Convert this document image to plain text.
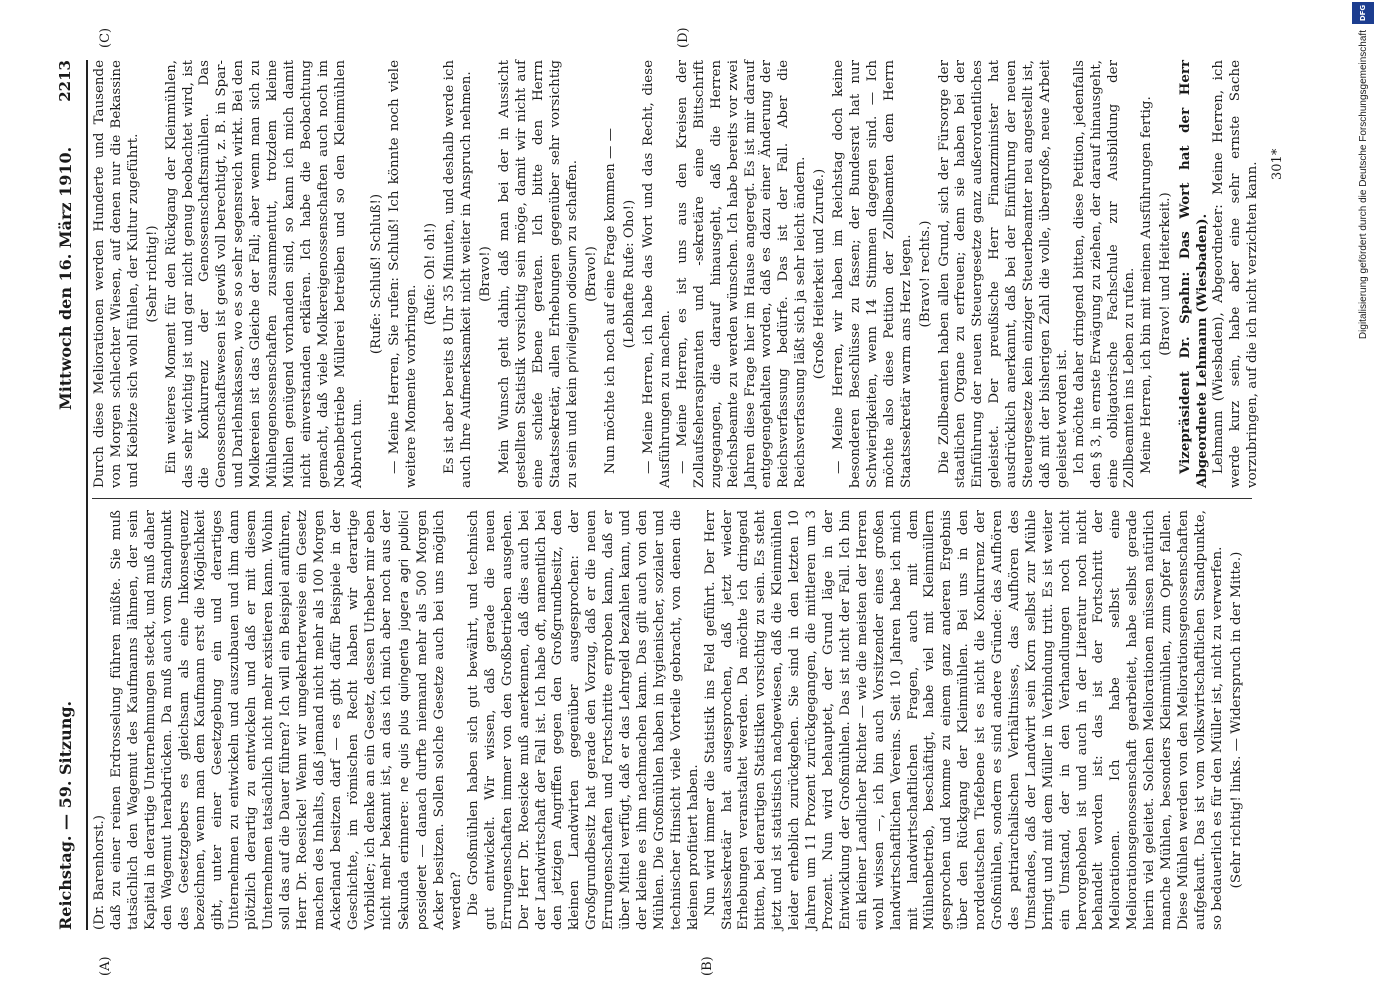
Reichstag. — 59. Sitzung.
Mittwoch den 16. März 1910.
2213
(A)	(B)
(C)	(D)

(Dr. Barenhorst.) daß zu einer reinen Erdrosselung führen müßte. Sie muß tatsächlich den Wagemut des Kaufmanns lähmen, der sein Kapital in derartige Unternehmungen steckt, und muß daher den Wagemut herabdrücken. Da muß auch vom Standpunkt des Gesetzgebers es gleichsam als eine Inkonsequenz bezeichnen, wenn man dem Kaufmann erst die Möglichkeit gibt, unter einer Gesetzgebung ein und derartiges Unternehmen zu entwickeln und auszubauen und ihm dann plötzlich derartig zu entwickeln und daß er mit diesem Unternehmen tatsächlich nicht mehr existieren kann. Wohin soll das auf die Dauer führen? Ich will ein Beispiel anführen, Herr Dr. Roesicke! Wenn wir umgekehrterweise ein Gesetz machen des Inhalts, daß jemand nicht mehr als 100 Morgen Ackerland besitzen darf — es gibt dafür Beispiele in der Geschichte, im römischen Recht haben wir derartige Vorbilder; ich denke an ein Gesetz, dessen Urheber mir eben nicht mehr bekannt ist, an das ich mich aber noch aus der Sekunda erinnere: ne quis plus quingenta jugera agri publici possideret — danach durfte niemand mehr als 500 Morgen Acker besitzen. Sollen solche Gesetze auch bei uns möglich werden? Die Großmühlen haben sich gut bewährt, und technisch gut entwickelt. Wir wissen, daß gerade die neuen Errungenschaften immer von den Großbetrieben ausgehen. Der Herr Dr. Roesicke muß anerkennen, daß dies auch bei der Landwirtschaft der Fall ist. Ich habe oft, namentlich bei den jetzigen Angriffen gegen den Großgrundbesitz, den kleinen Landwirten gegenüber ausgesprochen: der Großgrundbesitz hat gerade den Vorzug, daß er die neuen Errungenschaften und Fortschritte erproben kann, daß er über Mittel verfügt, daß er das Lehrgeld bezahlen kann, und der kleine es ihm nachmachen kann. Das gilt auch von den Mühlen. Die Großmühlen haben in hygienischer, sozialer und technischer Hinsicht viele Vorteile gebracht, von denen die kleinen profitiert haben. Nun wird immer die Statistik ins Feld geführt. Der Herr Staatssekretär hat ausgesprochen, daß jetzt wieder Erhebungen veranstaltet werden. Da möchte ich dringend bitten, bei derartigen Statistiken vorsichtig zu sein. Es steht jetzt und ist statistisch nachgewiesen, daß die Kleinmühlen leider erheblich zurückgehen. Sie sind in den letzten 10 Jahren um 11 Prozent zurückgegangen, die mittleren um 3 Prozent. Nun wird behauptet, der Grund läge in der Entwicklung der Großmühlen. Das ist nicht der Fall. Ich bin ein kleiner Landlicher Richter — wie die meisten der Herren wohl wissen —, ich bin auch Vorsitzender eines großen landwirtschaftlichen Vereins. Seit 10 Jahren habe ich mich mit landwirtschaftlichen Fragen, auch mit dem Mühlenbetrieb, beschäftigt, habe viel mit Kleinmüllern gesprochen und komme zu einem ganz anderen Ergebnis über den Rückgang der Kleinmühlen. Bei uns in den norddeutschen Tiefebene ist es nicht die Konkurrenz der Großmühlen, sondern es sind andere Gründe: das Aufhören des patriarchalischen Verhältnisses, das Aufhören des Umstandes, daß der Landwirt sein Korn selbst zur Mühle bringt und mit dem Müller in Verbindung tritt. Es ist weiter ein Umstand, der in den Verhandlungen noch nicht hervorgehoben ist und auch in der Literatur noch nicht behandelt worden ist: das ist der Fortschritt der Meliorationen. Ich habe selbst eine Meliorationsgenossenschaft gearbeitet, habe selbst gerade hierin viel geleitet. Solchen Meliorationen müssen natürlich manche Mühlen, besonders Kleinmühlen, zum Opfer fallen. Diese Mühlen werden von den Meliorationsgenossenschaften aufgekauft. Das ist vom volkswirtschaftlichen Standpunkte, so bedauerlich es für den Müller ist, nicht zu verwerfen. (Sehr richtig! links. — Widerspruch in der Mitte.)

Durch diese Meliorationen werden Hunderte und Tausende von Morgen schlechter Wiesen, auf denen nur die Bekassine und Kiebitze sich wohl fühlen, der Kultur zugeführt. (Sehr richtig!) Ein weiteres Moment für den Rückgang der Kleinmühlen, das sehr wichtig ist und gar nicht genug beobachtet wird, ist die Konkurrenz der Genossenschaftsmühlen. Das Genossenschaftswesen ist gewiß voll berechtigt, z. B. in Spar- und Darlehnskassen, wo es so sehr segensreich wirkt. Bei den Molkereien ist das Gleiche der Fall; aber wenn man sich zu Mühlengenossenschaften zusammentut, trotzdem kleine Mühlen genügend vorhanden sind, so kann ich mich damit nicht einverstanden erklären. Ich habe die Beobachtung gemacht, daß viele Molkereigenossenschaften auch noch im Nebenbetriebe Müllerei betreiben und so den Kleinmühlen Abbruch tun.

(Rufe: Schluß! Schluß!) — Meine Herren, Sie rufen: Schluß! Ich könnte noch viele weitere Momente vorbringen.

(Rufe: Oh! oh!) Es ist aber bereits 8 Uhr 35 Minuten, und deshalb werde ich auch Ihre Aufmerksamkeit nicht weiter in Anspruch nehmen. (Bravo!) Mein Wunsch geht dahin, daß man bei der in Aussicht gestellten Statistik vorsichtig sein möge, damit wir nicht auf eine schiefe Ebene geraten. Ich bitte den Herrn Staatssekretär, allen Erhebungen gegenüber sehr vorsichtig zu sein und kein privilegium odiosum zu schaffen.

(Bravo!) Nun möchte ich noch auf eine Frage kommen — — (Lebhafte Rufe: Oho!) — Meine Herren, ich habe das Wort und das Recht, diese Ausführungen zu machen. — Meine Herren, es ist uns aus den Kreisen der Zollaufseheraspiranten und -sekretäre eine Bittschrift zugegangen, die darauf hinausgeht, daß die Herren Reichsbeamte zu werden wünschen. Ich habe bereits vor zwei Jahren diese Frage hier im Hause angeregt. Es ist mir darauf entgegengehalten worden, daß es dazu einer Änderung der Reichsverfassung bedürfe. Das ist der Fall. Aber die Reichsverfassung läßt sich ja sehr leicht ändern. (Große Heiterkeit und Zurufe.) — Meine Herren, wir haben im Reichstag doch keine besonderen Beschlüsse zu fassen; der Bundesrat hat nur Schwierigkeiten, wenn 14 Stimmen dagegen sind. — Ich möchte also diese Petition der Zollbeamten dem Herrn Staatssekretär warm ans Herz legen. (Bravo! rechts.) Die Zollbeamten haben allen Grund, sich der Fürsorge der staatlichen Organe zu erfreuen; denn sie haben bei der Einführung der neuen Steuergesetze ganz außerordentliches geleistet. Der preußische Herr Finanzminister hat ausdrücklich anerkannt, daß bei der Einführung der neuen Steuergesetze kein einziger Steuerbeamter neu angestellt ist, daß mit der bisherigen Zahl die volle, übergroße, neue Arbeit geleistet worden ist. Ich möchte daher dringend bitten, diese Petition, jedenfalls den § 3, in ernste Erwägung zu ziehen, der darauf hinausgeht, eine obligatorische Fachschule zur Ausbildung der Zollbeamten ins Leben zu rufen. Meine Herren, ich bin mit meinen Ausführungen fertig. (Bravo! und Heiterkeit.) Vizepräsident Dr. Spahn: Das Wort hat der Herr Abgeordnete Lehmann (Wiesbaden). Lehmann (Wiesbaden), Abgeordneter: Meine Herren, ich werde kurz sein, habe aber eine sehr ernste Sache vorzubringen, auf die ich nicht verzichten kann. 301*	Digitalisierung gefördert durch die Deutsche Forschungsgemeinschaft
DFG
